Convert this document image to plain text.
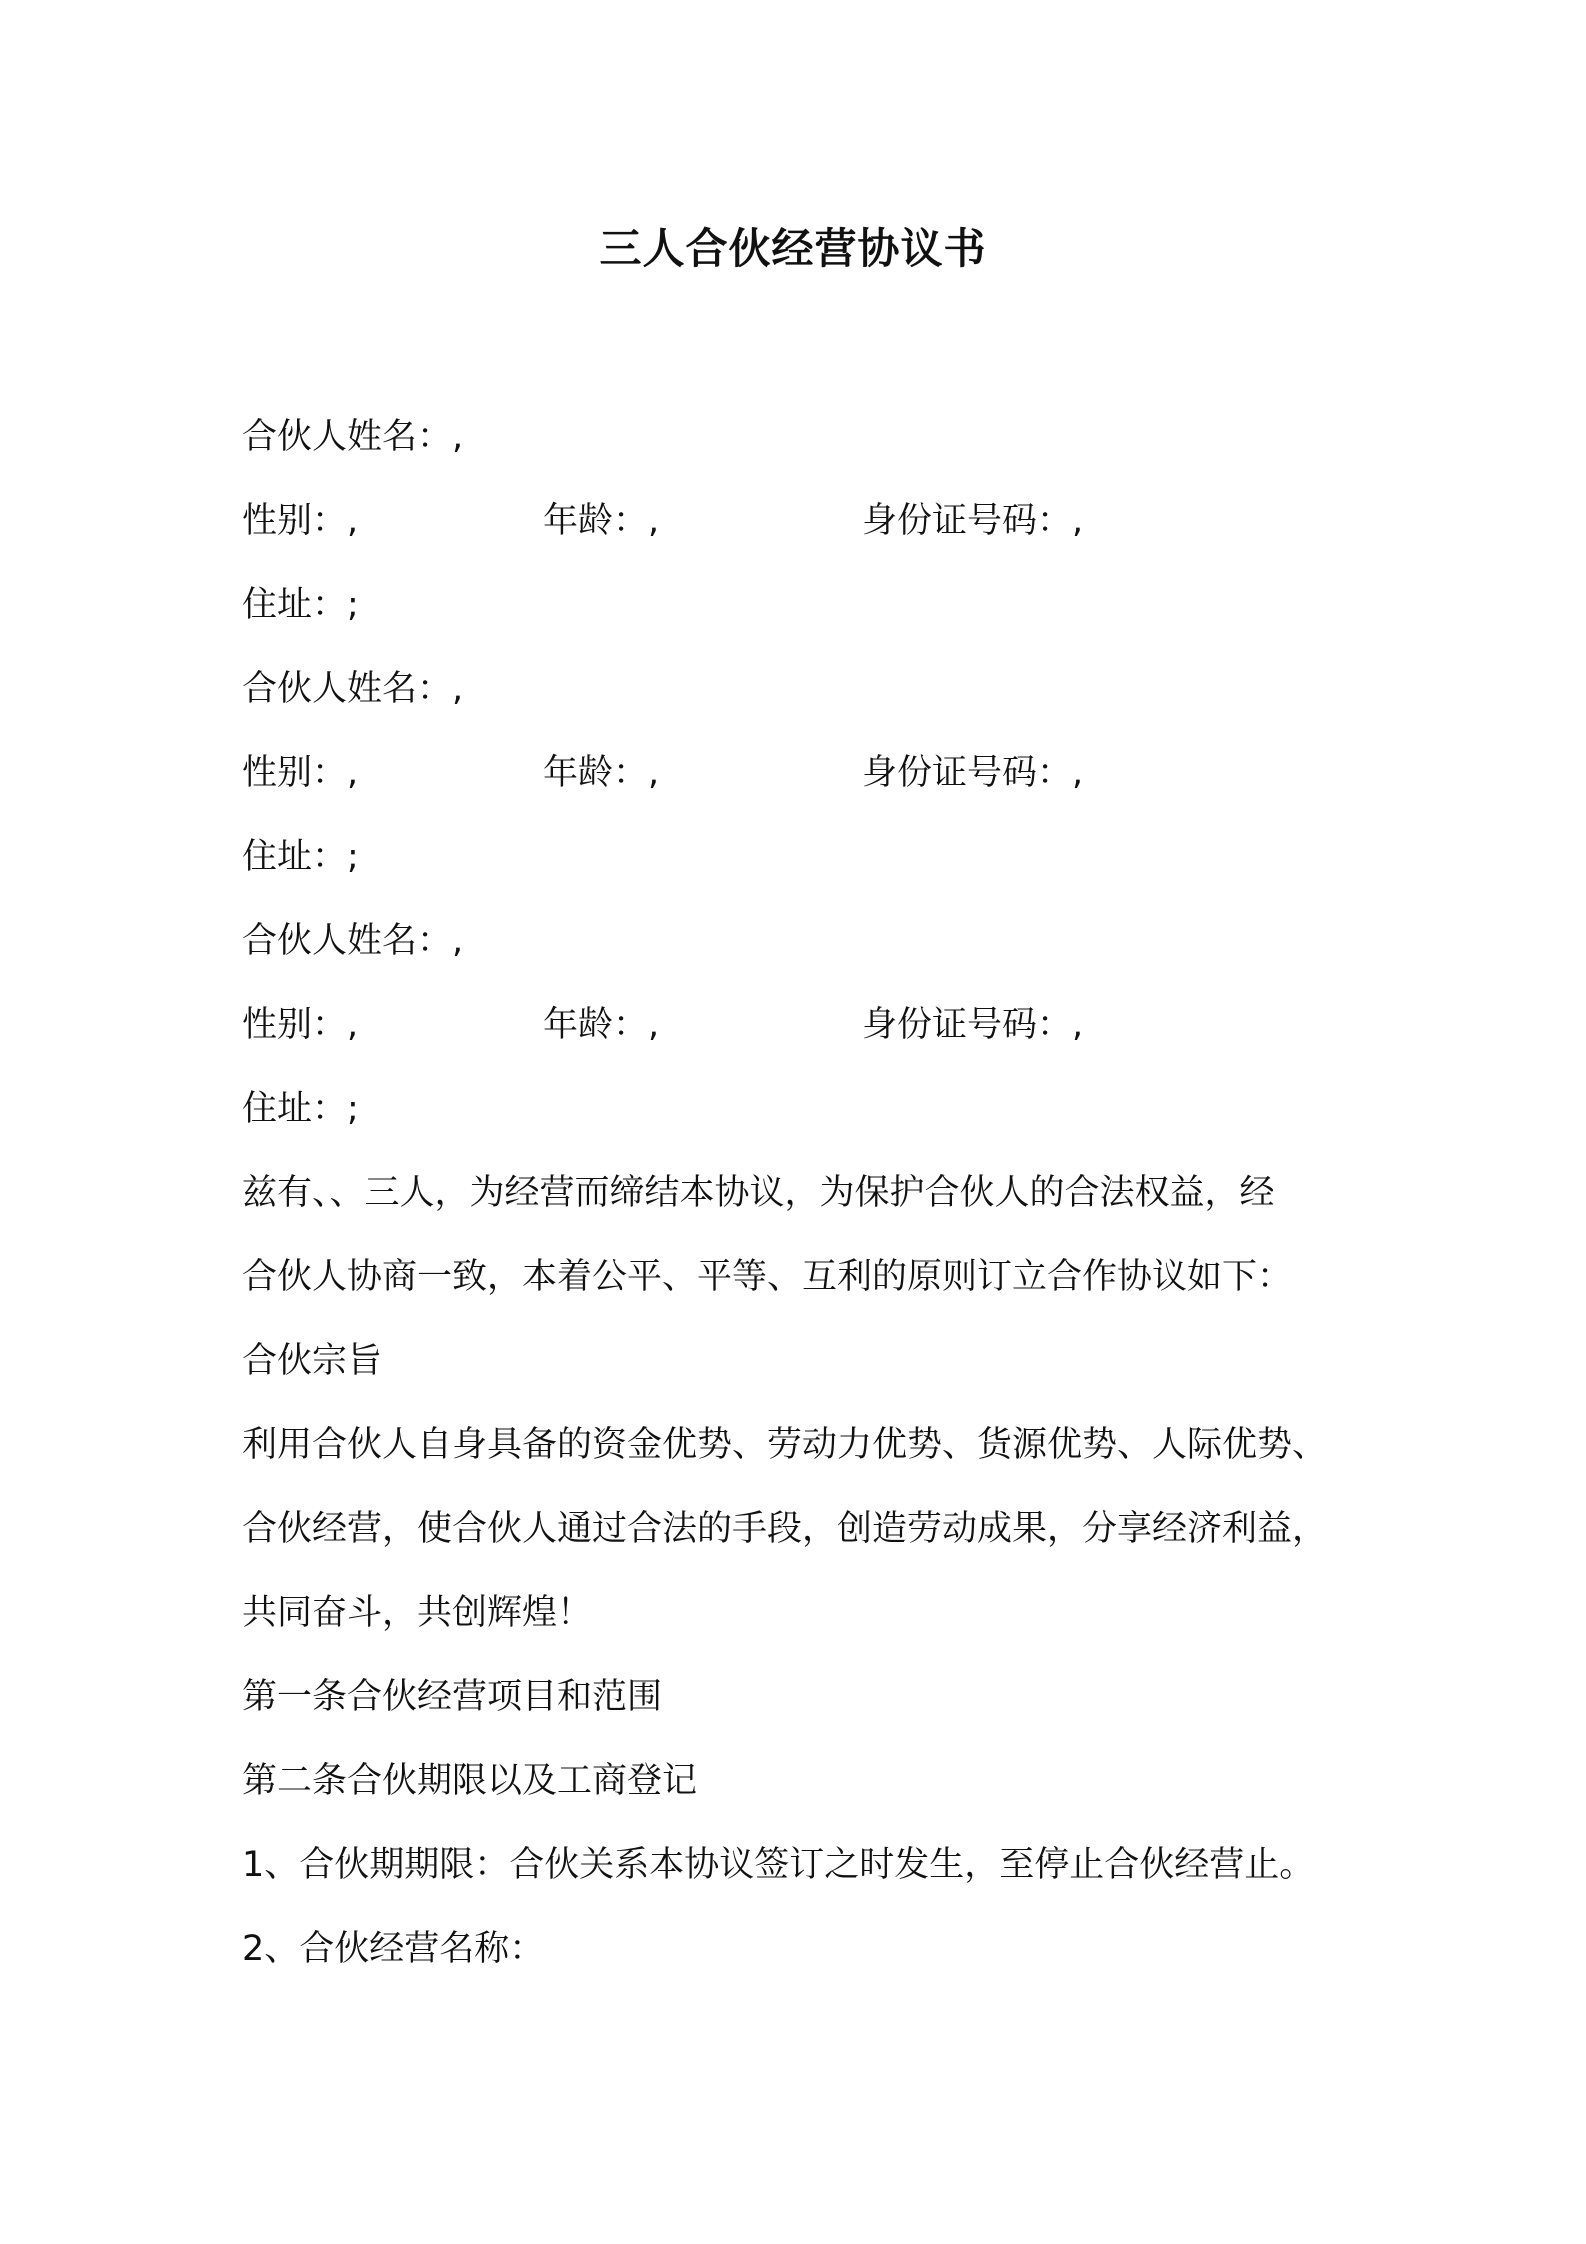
三人合伙经营协议书
合伙人姓名：,
性别：,	年龄：,	身份证号码：,
住址：;
合伙人姓名：,
性别：,	年龄：,	身份证号码：,
住址：;
合伙人姓名：,
性别：,	年龄：,	身份证号码：,
住址：;
兹有、、三人，为经营而缔结本协议，为保护合伙人的合法权益，经
合伙人协商一致，本着公平、平等、互利的原则订立合作协议如下：
合伙宗旨
利用合伙人自身具备的资金优势、劳动力优势、货源优势、人际优势、
合伙经营，使合伙人通过合法的手段，创造劳动成果，分享经济利益，
共同奋斗，共创辉煌！
第一条合伙经营项目和范围
第二条合伙期限以及工商登记
1、合伙期期限：合伙关系本协议签订之时发生，至停止合伙经营止。
2、合伙经营名称：
